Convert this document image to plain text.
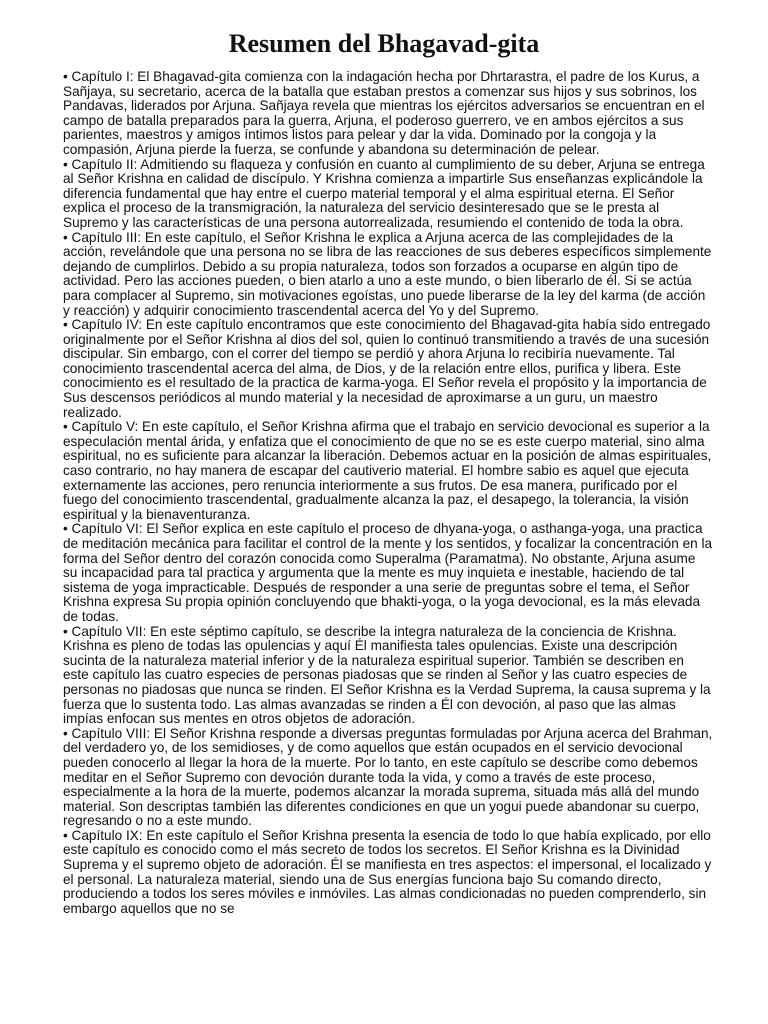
Resumen del Bhagavad-gita

• Capítulo I: El Bhagavad-gita comienza con la indagación hecha por Dhrtarastra, el padre de los Kurus, a Sañjaya, su secretario, acerca de la batalla que estaban prestos a comenzar sus hijos y sus sobrinos, los Pandavas, liderados por Arjuna. Sañjaya revela que mientras los ejércitos adversarios se encuentran en el campo de batalla preparados para la guerra, Arjuna, el poderoso guerrero, ve en ambos ejércitos a sus parientes, maestros y amigos íntimos listos para pelear y dar la vida. Dominado por la congoja y la compasión, Arjuna pierde la fuerza, se confunde y abandona su determinación de pelear.

• Capítulo II: Admitiendo su flaqueza y confusión en cuanto al cumplimiento de su deber, Arjuna se entrega al Señor Krishna en calidad de discípulo. Y Krishna comienza a impartirle Sus enseñanzas explicándole la diferencia fundamental que hay entre el cuerpo material temporal y el alma espiritual eterna. El Señor explica el proceso de la transmigración, la naturaleza del servicio desinteresado que se le presta al Supremo y las características de una persona autorrealizada, resumiendo el contenido de toda la obra.

• Capítulo III: En este capítulo, el Señor Krishna le explica a Arjuna acerca de las complejidades de la acción, revelándole que una persona no se libra de las reacciones de sus deberes específicos simplemente dejando de cumplirlos. Debido a su propia naturaleza, todos son forzados a ocuparse en algún tipo de actividad. Pero las acciones pueden, o bien atarlo a uno a este mundo, o bien liberarlo de él. Si se actúa para complacer al Supremo, sin motivaciones egoístas, uno puede liberarse de la ley del karma (de acción y reacción) y adquirir conocimiento trascendental acerca del Yo y del Supremo.

• Capítulo IV: En este capítulo encontramos que este conocimiento del Bhagavad-gita había sido entregado originalmente por el Señor Krishna al dios del sol, quien lo continuó transmitiendo a través de una sucesión discipular. Sin embargo, con el correr del tiempo se perdió y ahora Arjuna lo recibiría nuevamente. Tal conocimiento trascendental acerca del alma, de Dios, y de la relación entre ellos, purifica y libera. Este conocimiento es el resultado de la practica de karma-yoga. El Señor revela el propósito y la importancia de Sus descensos periódicos al mundo material y la necesidad de aproximarse a un guru, un maestro realizado.

• Capítulo V: En este capítulo, el Señor Krishna afirma que el trabajo en servicio devocional es superior a la especulación mental árida, y enfatiza que el conocimiento de que no se es este cuerpo material, sino alma espiritual, no es suficiente para alcanzar la liberación. Debemos actuar en la posición de almas espirituales, caso contrario, no hay manera de escapar del cautiverio material. El hombre sabio es aquel que ejecuta externamente las acciones, pero renuncia interiormente a sus frutos. De esa manera, purificado por el fuego del conocimiento trascendental, gradualmente alcanza la paz, el desapego, la tolerancia, la visión espiritual y la bienaventuranza.

• Capítulo VI: El Señor explica en este capítulo el proceso de dhyana-yoga, o asthanga-yoga, una practica de meditación mecánica para facilitar el control de la mente y los sentidos, y focalizar la concentración en la forma del Señor dentro del corazón conocida como Superalma (Paramatma). No obstante, Arjuna asume su incapacidad para tal practica y argumenta que la mente es muy inquieta e inestable, haciendo de tal sistema de yoga impracticable. Después de responder a una serie de preguntas sobre el tema, el Señor Krishna expresa Su propia opinión concluyendo que bhakti-yoga, o la yoga devocional, es la más elevada de todas.

• Capítulo VII: En este séptimo capítulo, se describe la integra naturaleza de la conciencia de Krishna. Krishna es pleno de todas las opulencias y aquí Él manifiesta tales opulencias. Existe una descripción sucinta de la naturaleza material inferior y de la naturaleza espiritual superior. También se describen en este capítulo las cuatro especies de personas piadosas que se rinden al Señor y las cuatro especies de personas no piadosas que nunca se rinden. El Señor Krishna es la Verdad Suprema, la causa suprema y la fuerza que lo sustenta todo. Las almas avanzadas se rinden a Él con devoción, al paso que las almas impías enfocan sus mentes en otros objetos de adoración.

• Capítulo VIII: El Señor Krishna responde a diversas preguntas formuladas por Arjuna acerca del Brahman, del verdadero yo, de los semidioses, y de como aquellos que están ocupados en el servicio devocional pueden conocerlo al llegar la hora de la muerte. Por lo tanto, en este capítulo se describe como debemos meditar en el Señor Supremo con devoción durante toda la vida, y como a través de este proceso, especialmente a la hora de la muerte, podemos alcanzar la morada suprema, situada más allá del mundo material. Son descriptas también las diferentes condiciones en que un yogui puede abandonar su cuerpo, regresando o no a este mundo.

• Capítulo IX: En este capítulo el Señor Krishna presenta la esencia de todo lo que había explicado, por ello este capítulo es conocido como el más secreto de todos los secretos. El Señor Krishna es la Divinidad Suprema y el supremo objeto de adoración. Él se manifiesta en tres aspectos: el impersonal, el localizado y el personal. La naturaleza material, siendo una de Sus energías funciona bajo Su comando directo, produciendo a todos los seres móviles e inmóviles. Las almas condicionadas no pueden comprenderlo, sin embargo aquellos que no se
